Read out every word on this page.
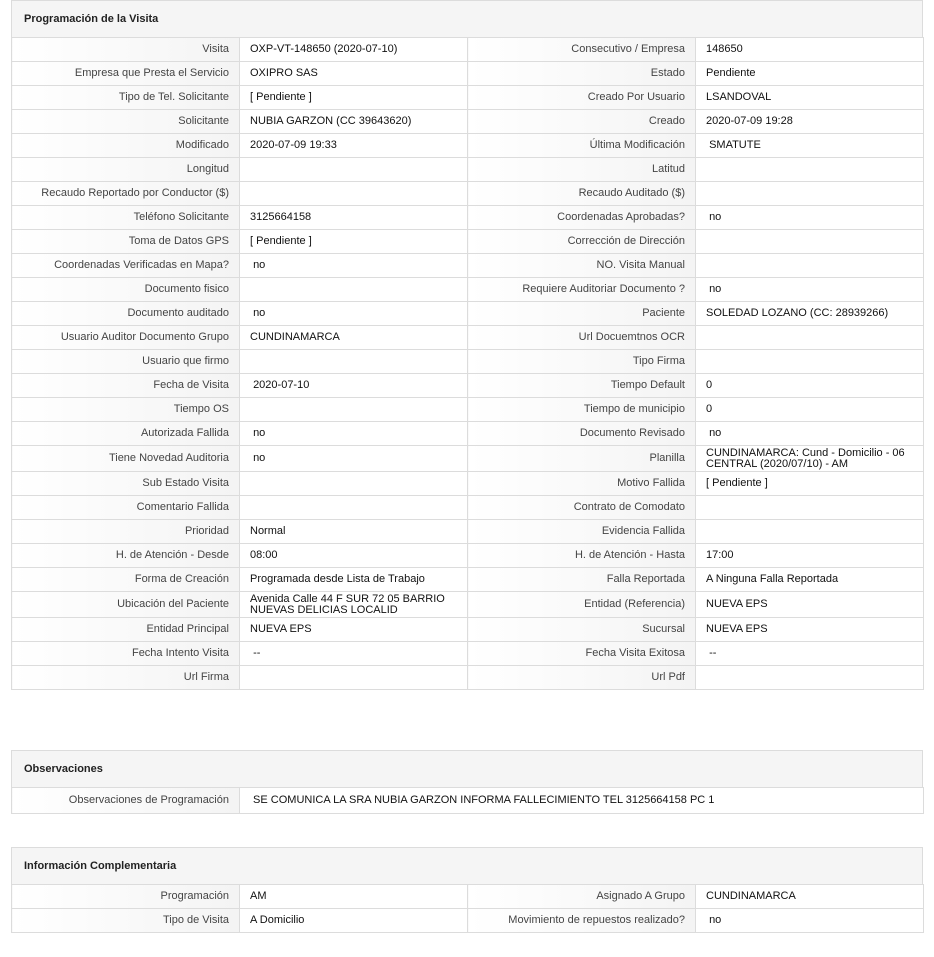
Programación de la Visita
Visita	OXP-VT-148650 (2020-07-10)	Consecutivo / Empresa	148650
Empresa que Presta el Servicio	OXIPRO SAS	Estado	Pendiente
Tipo de Tel. Solicitante	[ Pendiente ]	Creado Por Usuario	LSANDOVAL
Solicitante	NUBIA GARZON (CC 39643620)	Creado	2020-07-09 19:28
Modificado	2020-07-09 19:33	Última Modificación	SMATUTE
Longitud		Latitud	
Recaudo Reportado por Conductor ($)		Recaudo Auditado ($)	
Teléfono Solicitante	3125664158	Coordenadas Aprobadas?	no
Toma de Datos GPS	[ Pendiente ]	Corrección de Dirección	
Coordenadas Verificadas en Mapa?	no	NO. Visita Manual	
Documento fisico		Requiere Auditoriar Documento ?	no
Documento auditado	no	Paciente	SOLEDAD LOZANO (CC: 28939266)
Usuario Auditor Documento Grupo	CUNDINAMARCA	Url Docuemtnos OCR	
Usuario que firmo		Tipo Firma	
Fecha de Visita	2020-07-10	Tiempo Default	0
Tiempo OS		Tiempo de municipio	0
Autorizada Fallida	no	Documento Revisado	no
Tiene Novedad Auditoria	no	Planilla	CUNDINAMARCA: Cund - Domicilio - 06 CENTRAL (2020/07/10) - AM
Sub Estado Visita		Motivo Fallida	[ Pendiente ]
Comentario Fallida		Contrato de Comodato	
Prioridad	Normal	Evidencia Fallida	
H. de Atención - Desde	08:00	H. de Atención - Hasta	17:00
Forma de Creación	Programada desde Lista de Trabajo	Falla Reportada	A Ninguna Falla Reportada
Ubicación del Paciente	Avenida Calle 44 F SUR 72 05 BARRIO NUEVAS DELICIAS LOCALID	Entidad (Referencia)	NUEVA EPS
Entidad Principal	NUEVA EPS	Sucursal	NUEVA EPS
Fecha Intento Visita	--	Fecha Visita Exitosa	--
Url Firma		Url Pdf	
Observaciones
Observaciones de Programación	SE COMUNICA LA SRA NUBIA GARZON INFORMA FALLECIMIENTO TEL 3125664158 PC 1
Información Complementaria
Programación	AM	Asignado A Grupo	CUNDINAMARCA
Tipo de Visita	A Domicilio	Movimiento de repuestos realizado?	no
